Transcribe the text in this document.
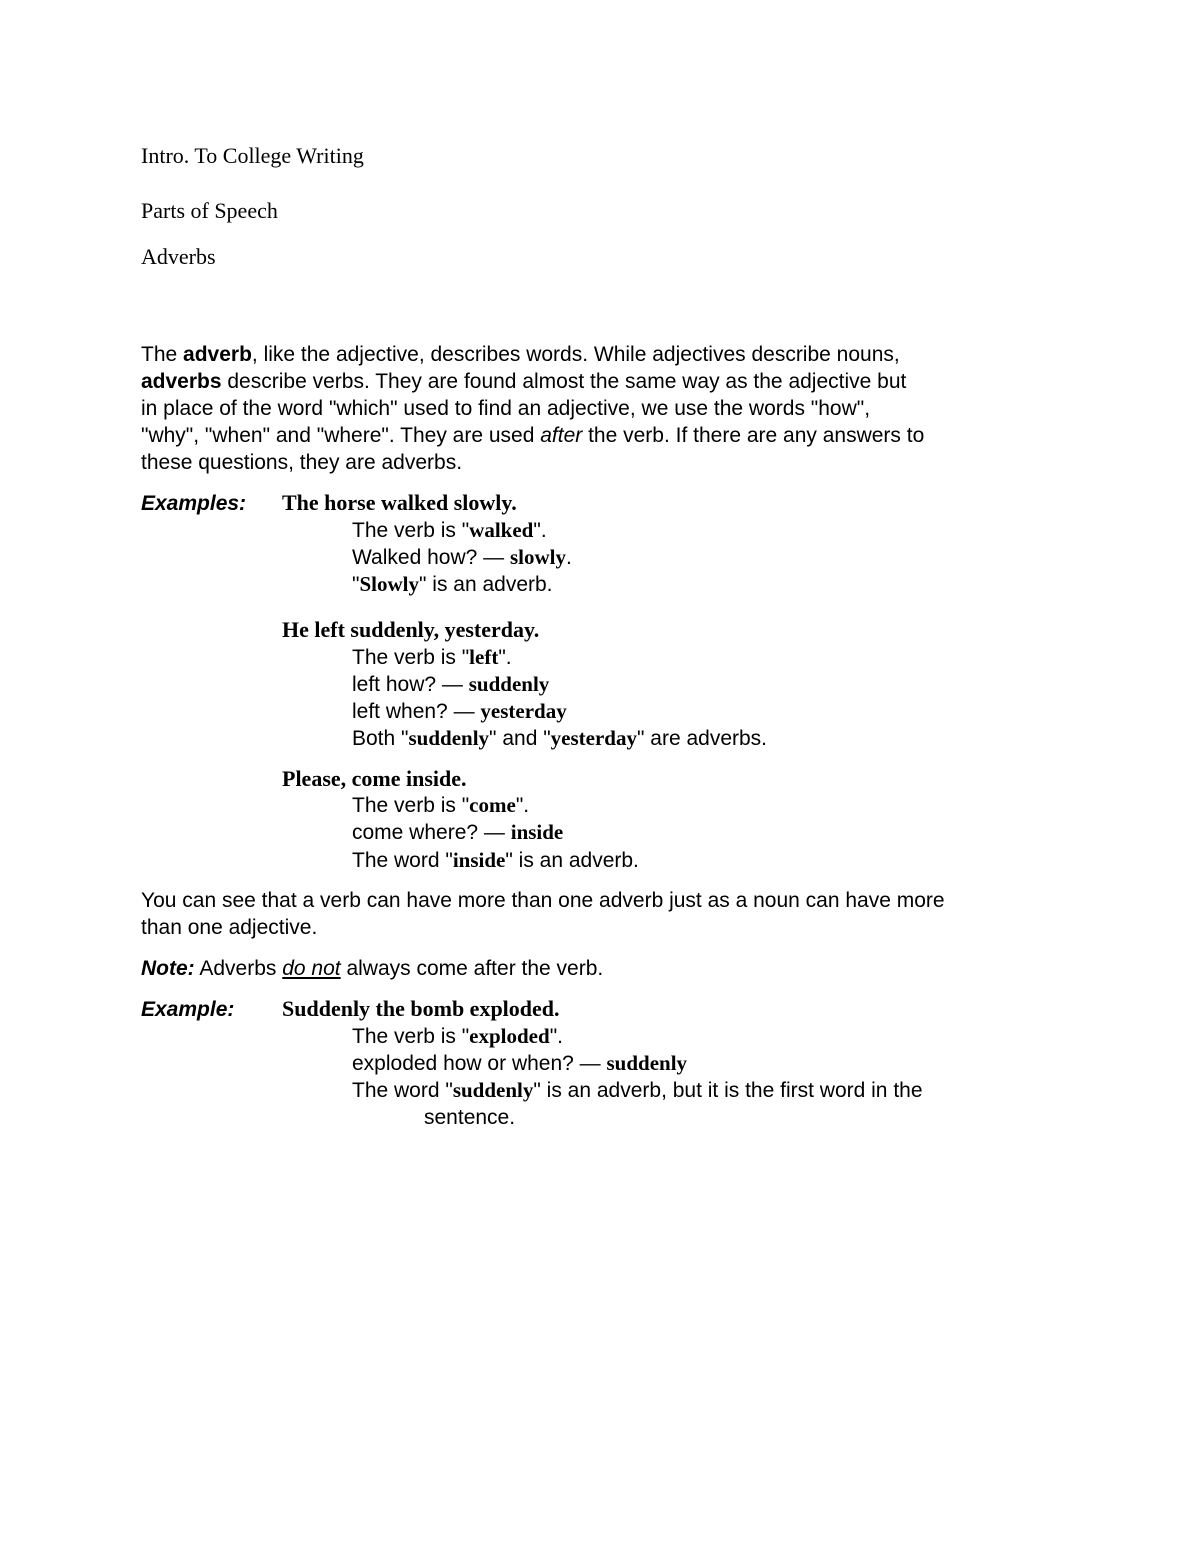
Intro. To College Writing
Parts of Speech
Adverbs
The adverb, like the adjective, describes words. While adjectives describe nouns,
adverbs describe verbs. They are found almost the same way as the adjective but
in place of the word "which" used to find an adjective, we use the words "how",
"why", "when" and "where". They are used after the verb. If there are any answers to
these questions, they are adverbs.
Examples: The horse walked slowly.
The verb is "walked".
Walked how? — slowly.
"Slowly" is an adverb.
He left suddenly, yesterday.
The verb is "left".
left how? — suddenly
left when? — yesterday
Both "suddenly" and "yesterday" are adverbs.
Please, come inside.
The verb is "come".
come where? — inside
The word "inside" is an adverb.
You can see that a verb can have more than one adverb just as a noun can have more
than one adjective.
Note: Adverbs do not always come after the verb.
Example: Suddenly the bomb exploded.
The verb is "exploded".
exploded how or when? — suddenly
The word "suddenly" is an adverb, but it is the first word in the
sentence.
